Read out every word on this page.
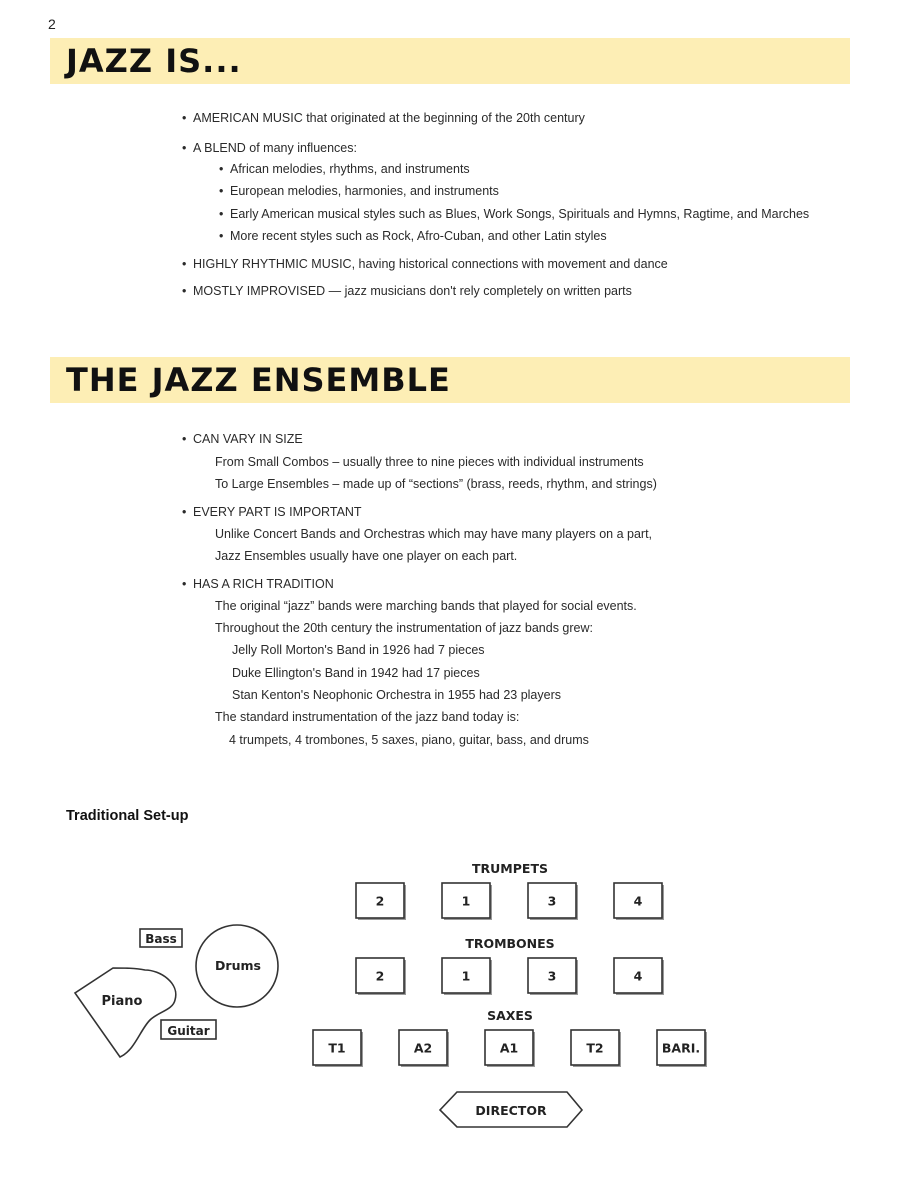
2
JAZZ IS...
• AMERICAN MUSIC that originated at the beginning of the 20th century
• A BLEND of many influences:
• African melodies, rhythms, and instruments
• European melodies, harmonies, and instruments
• Early American musical styles such as Blues, Work Songs, Spirituals and Hymns, Ragtime, and Marches
• More recent styles such as Rock, Afro-Cuban, and other Latin styles
• HIGHLY RHYTHMIC MUSIC, having historical connections with movement and dance
• MOSTLY IMPROVISED — jazz musicians don't rely completely on written parts
THE JAZZ ENSEMBLE
• CAN VARY IN SIZE
From Small Combos – usually three to nine pieces with individual instruments
To Large Ensembles – made up of “sections” (brass, reeds, rhythm, and strings)
• EVERY PART IS IMPORTANT
Unlike Concert Bands and Orchestras which may have many players on a part,
Jazz Ensembles usually have one player on each part.
• HAS A RICH TRADITION
The original “jazz” bands were marching bands that played for social events.
Throughout the 20th century the instrumentation of jazz bands grew:
Jelly Roll Morton's Band in 1926 had 7 pieces
Duke Ellington's Band in 1942 had 17 pieces
Stan Kenton's Neophonic Orchestra in 1955 had 23 players
The standard instrumentation of the jazz band today is:
4 trumpets, 4 trombones, 5 saxes, piano, guitar, bass, and drums
Traditional Set-up
2	1	3	4
2	1	3	4
T1	A2	A1	T2	BARI.
Bass
Drums
Piano
Guitar
TRUMPETS
TROMBONES
SAXES
DIRECTOR
